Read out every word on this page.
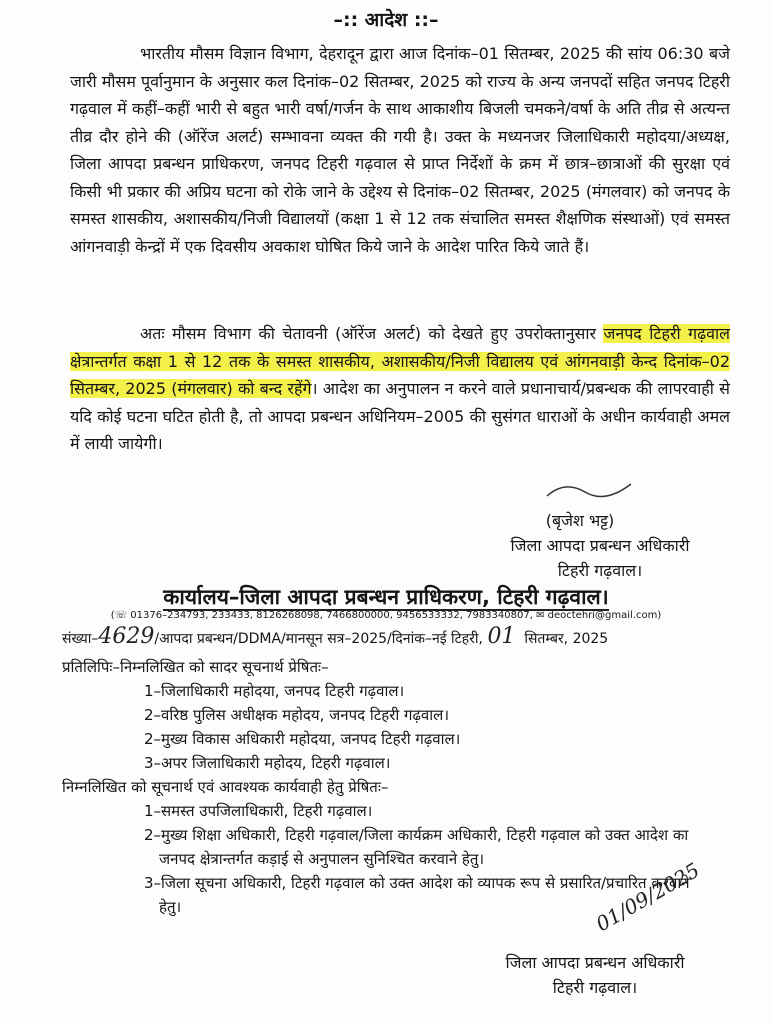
–:: आदेश ::–
भारतीय मौसम विज्ञान विभाग, देहरादून द्वारा आज दिनांक–01 सितम्बर, 2025 की सांय 06:30 बजे जारी मौसम पूर्वानुमान के अनुसार कल दिनांक–02 सितम्बर, 2025 को राज्य के अन्य जनपदों सहित जनपद टिहरी गढ़वाल में कहीं–कहीं भारी से बहुत भारी वर्षा/गर्जन के साथ आकाशीय बिजली चमकने/वर्षा के अति तीव्र से अत्यन्त तीव्र दौर होने की (ऑरेंज अलर्ट) सम्भावना व्यक्त की गयी है। उक्त के मध्यनजर जिलाधिकारी महोदया/अध्यक्ष, जिला आपदा प्रबन्धन प्राधिकरण, जनपद टिहरी गढ़वाल से प्राप्त निर्देशों के क्रम में छात्र–छात्राओं की सुरक्षा एवं किसी भी प्रकार की अप्रिय घटना को रोके जाने के उद्देश्य से दिनांक–02 सितम्बर, 2025 (मंगलवार) को जनपद के समस्त शासकीय, अशासकीय/निजी विद्यालयों (कक्षा 1 से 12 तक संचालित समस्त शैक्षणिक संस्थाओं) एवं समस्त आंगनवाड़ी केन्द्रों में एक दिवसीय अवकाश घोषित किये जाने के आदेश पारित किये जाते हैं।
अतः मौसम विभाग की चेतावनी (ऑरेंज अलर्ट) को देखते हुए उपरोक्तानुसार जनपद टिहरी गढ़वाल क्षेत्रान्तर्गत कक्षा 1 से 12 तक के समस्त शासकीय, अशासकीय/निजी विद्यालय एवं आंगनवाड़ी केन्द दिनांक–02 सितम्बर, 2025 (मंगलवार) को बन्द रहेंगे। आदेश का अनुपालन न करने वाले प्रधानाचार्य/प्रबन्धक की लापरवाही से यदि कोई घटना घटित होती है, तो आपदा प्रबन्धन अधिनियम–2005 की सुसंगत धाराओं के अधीन कार्यवाही अमल में लायी जायेगी।
(बृजेश भट्ट)
जिला आपदा प्रबन्धन अधिकारी
टिहरी गढ़वाल।
कार्यालय–जिला आपदा प्रबन्धन प्राधिकरण, टिहरी गढ़वाल।
(☏ 01376–234793, 233433, 8126268098, 7466800000, 9456533332, 7983340807, ✉ deoctehri@gmail.com)
संख्या–4629/आपदा प्रबन्धन/DDMA/मानसून सत्र–2025/दिनांक–नई टिहरी, 01 सितम्बर, 2025
प्रतिलिपिः–निम्नलिखित को सादर सूचनार्थ प्रेषितः–
1–जिलाधिकारी महोदया, जनपद टिहरी गढ़वाल।
2–वरिष्ठ पुलिस अधीक्षक महोदय, जनपद टिहरी गढ़वाल।
2–मुख्य विकास अधिकारी महोदया, जनपद टिहरी गढ़वाल।
3–अपर जिलाधिकारी महोदय, टिहरी गढ़वाल।
निम्नलिखित को सूचनार्थ एवं आवश्यक कार्यवाही हेतु प्रेषितः–
1–समस्त उपजिलाधिकारी, टिहरी गढ़वाल।
2–मुख्य शिक्षा अधिकारी, टिहरी गढ़वाल/जिला कार्यक्रम अधिकारी, टिहरी गढ़वाल को उक्त आदेश का जनपद क्षेत्रान्तर्गत कड़ाई से अनुपालन सुनिश्चित करवाने हेतु।
3–जिला सूचना अधिकारी, टिहरी गढ़वाल को उक्त आदेश को व्यापक रूप से प्रसारित/प्रचारित करवाने हेतु।	01/09/2025
जिला आपदा प्रबन्धन अधिकारी
टिहरी गढ़वाल।
